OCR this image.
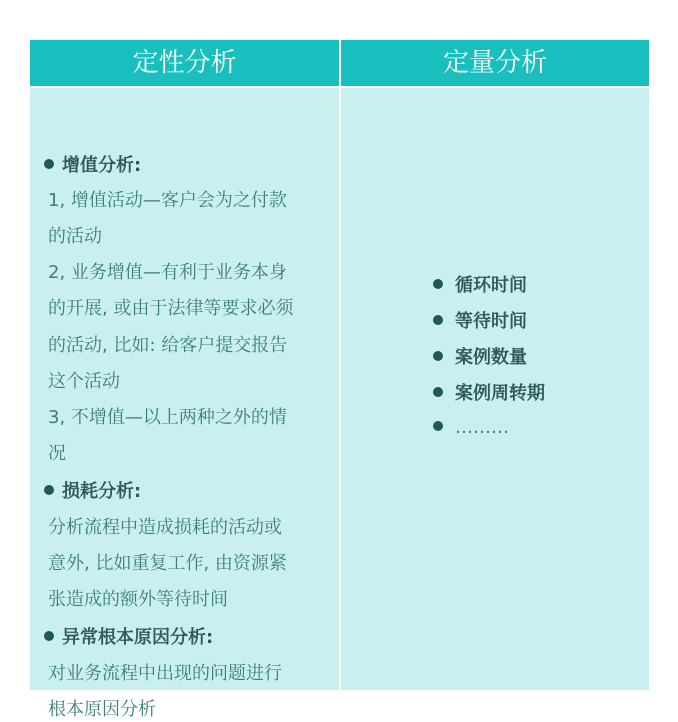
定性分析	定量分析
增值分析:
1, 增值活动—客户会为之付款
的活动
2, 业务增值—有利于业务本身
的开展, 或由于法律等要求必须
的活动, 比如: 给客户提交报告
这个活动
3, 不增值—以上两种之外的情
况
损耗分析:
分析流程中造成损耗的活动或
意外, 比如重复工作, 由资源紧
张造成的额外等待时间
异常根本原因分析:
对业务流程中出现的问题进行
根本原因分析
循环时间
等待时间
案例数量
案例周转期
………
